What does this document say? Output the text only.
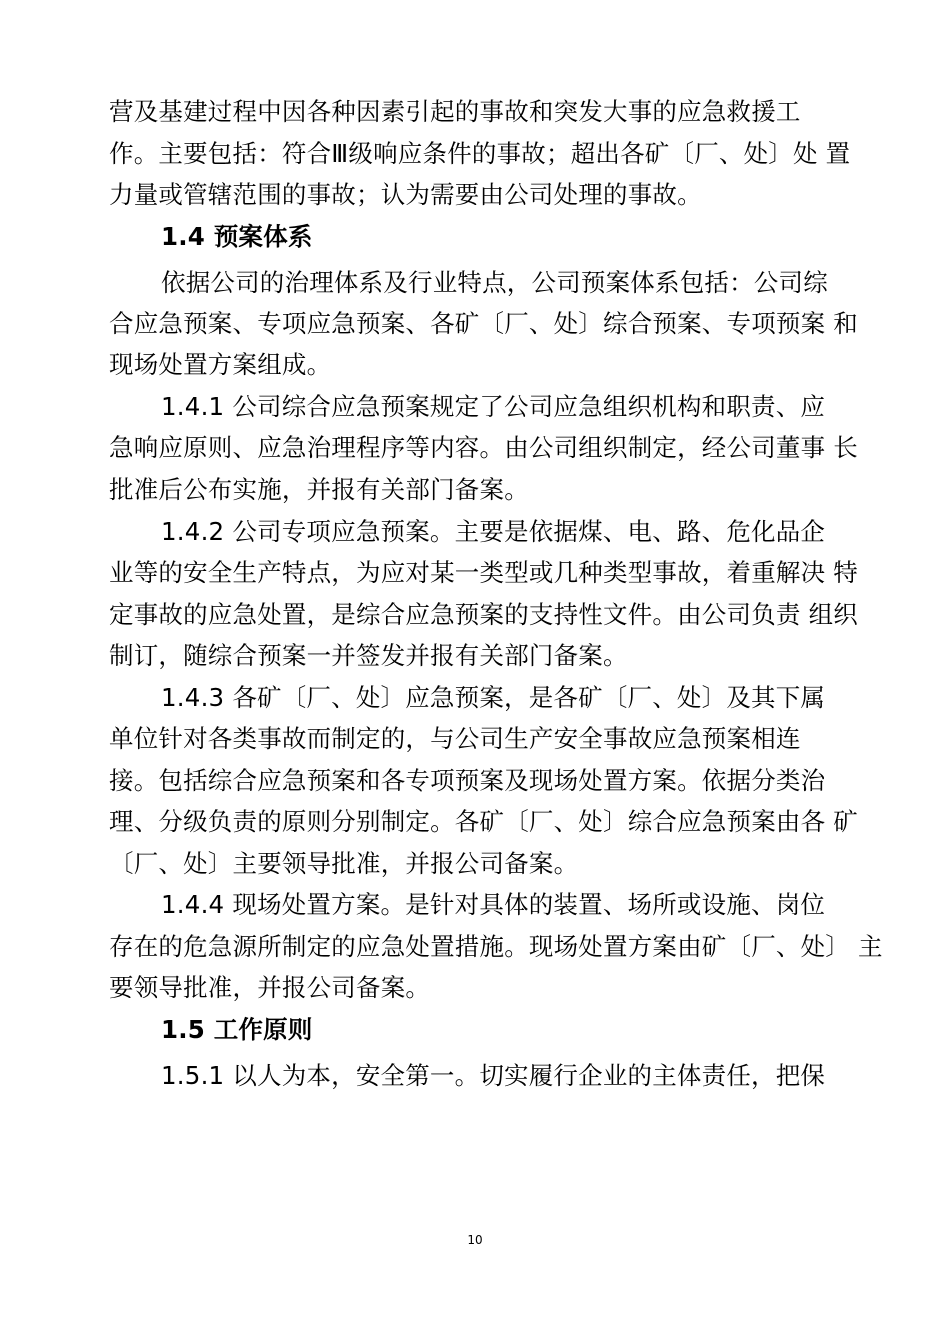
营及基建过程中因各种因素引起的事故和突发大事的应急救援工
作。主要包括：符合Ⅲ级响应条件的事故；超出各矿〔厂、处〕处 置
力量或管辖范围的事故；认为需要由公司处理的事故。
1.4 预案体系
依据公司的治理体系及行业特点，公司预案体系包括：公司综
合应急预案、专项应急预案、各矿〔厂、处〕综合预案、专项预案 和
现场处置方案组成。
1.4.1 公司综合应急预案规定了公司应急组织机构和职责、应
急响应原则、应急治理程序等内容。由公司组织制定，经公司董事 长
批准后公布实施，并报有关部门备案。
1.4.2 公司专项应急预案。主要是依据煤、电、路、危化品企
业等的安全生产特点，为应对某一类型或几种类型事故，着重解决 特
定事故的应急处置，是综合应急预案的支持性文件。由公司负责 组织
制订，随综合预案一并签发并报有关部门备案。
1.4.3 各矿〔厂、处〕应急预案，是各矿〔厂、处〕及其下属
单位针对各类事故而制定的，与公司生产安全事故应急预案相连
接。包括综合应急预案和各专项预案及现场处置方案。依据分类治
理、分级负责的原则分别制定。各矿〔厂、处〕综合应急预案由各 矿
〔厂、处〕主要领导批准，并报公司备案。
1.4.4 现场处置方案。是针对具体的装置、场所或设施、岗位
存在的危急源所制定的应急处置措施。现场处置方案由矿〔厂、处〕 主
要领导批准，并报公司备案。
1.5 工作原则
1.5.1 以人为本，安全第一。切实履行企业的主体责任，把保
10
